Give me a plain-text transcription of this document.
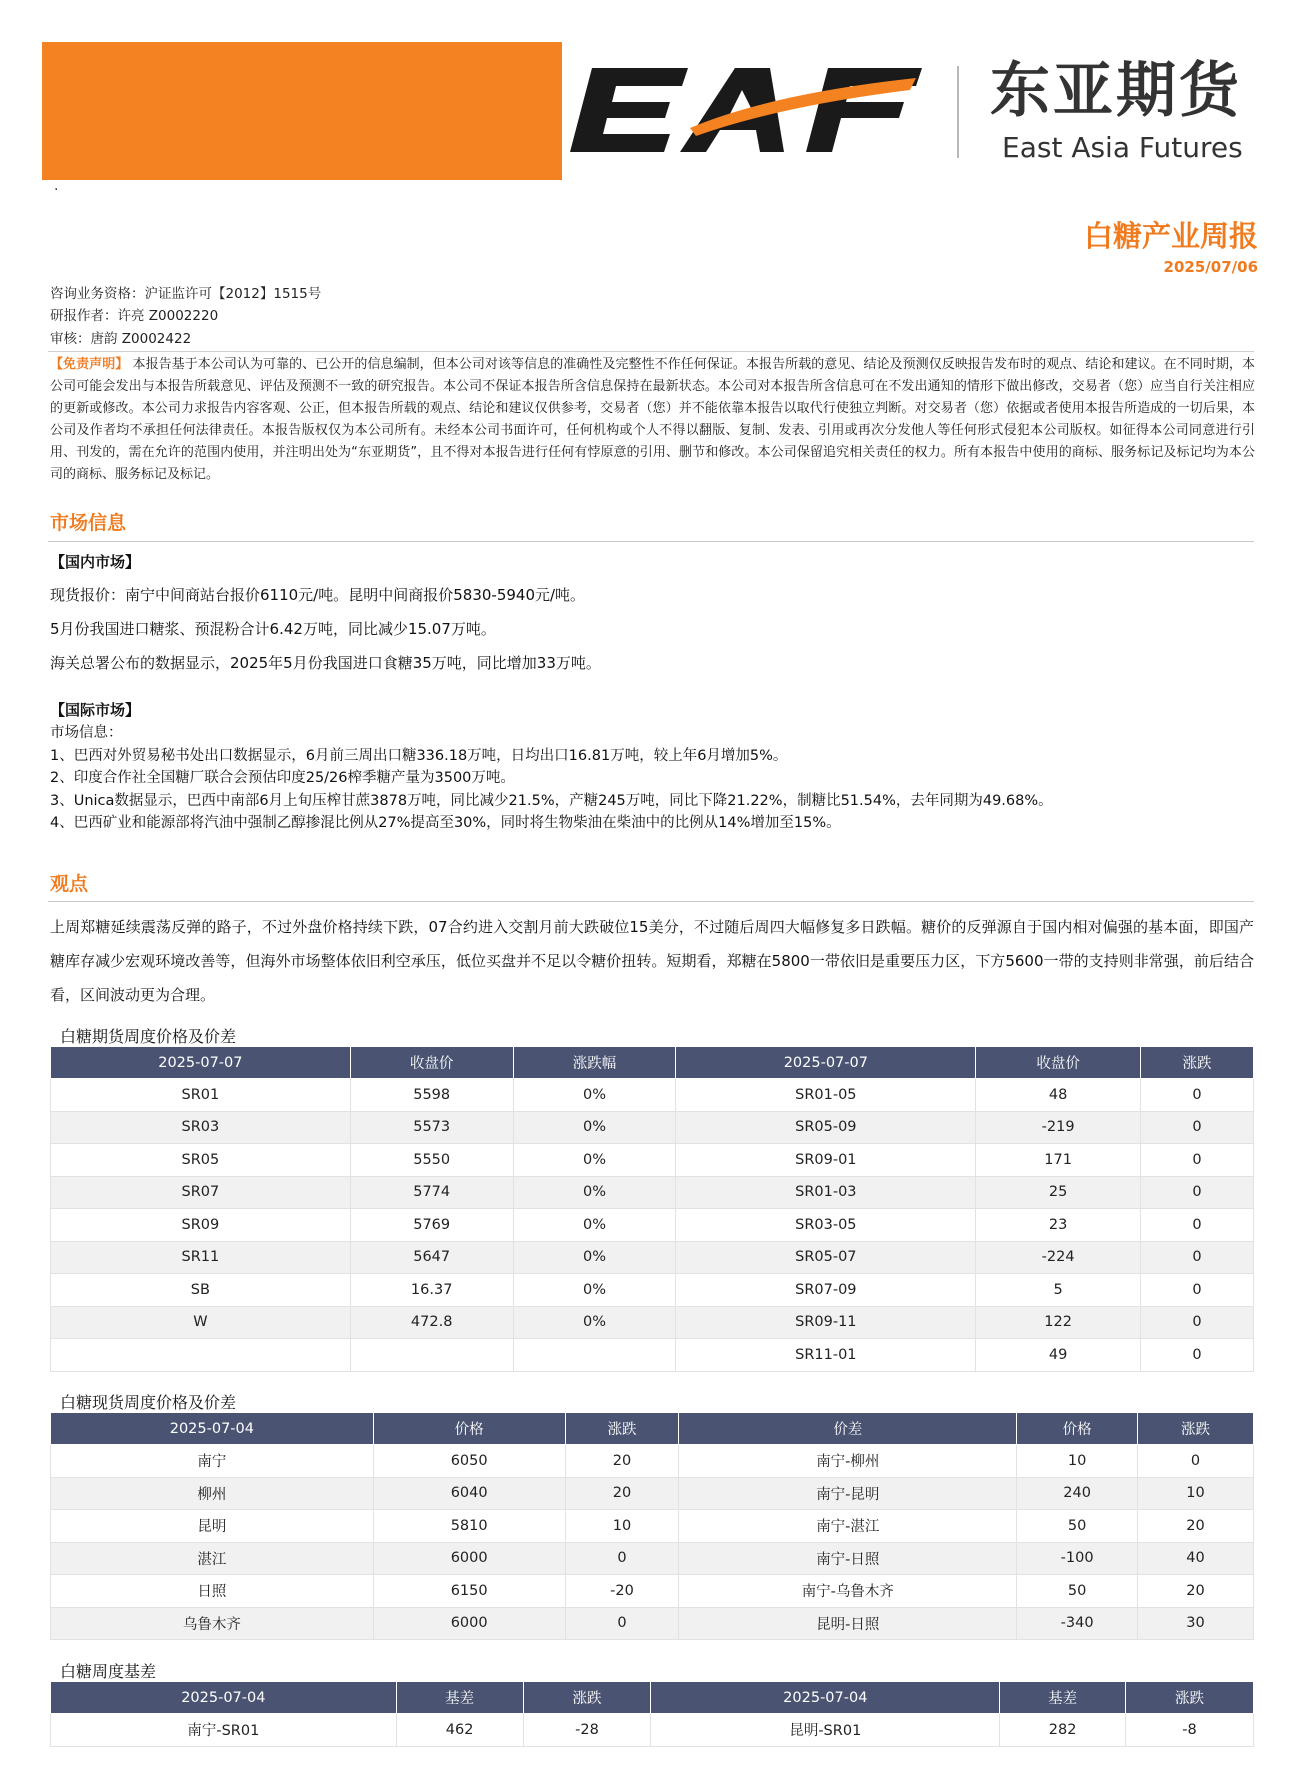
东亚期货
East Asia Futures
·
白糖产业周报
2025/07/06
咨询业务资格：沪证监许可【2012】1515号
研报作者：许亮 Z0002220
审核：唐韵 Z0002422
【免责声明】 本报告基于本公司认为可靠的、已公开的信息编制，但本公司对该等信息的准确性及完整性不作任何保证。本报告所载的意见、结论及预测仅反映报告发布时的观点、结论和建议。在不同时期，本公司可能会发出与本报告所载意见、评估及预测不一致的研究报告。本公司不保证本报告所含信息保持在最新状态。本公司对本报告所含信息可在不发出通知的情形下做出修改，交易者（您）应当自行关注相应的更新或修改。本公司力求报告内容客观、公正，但本报告所载的观点、结论和建议仅供参考，交易者（您）并不能依靠本报告以取代行使独立判断。对交易者（您）依据或者使用本报告所造成的一切后果，本公司及作者均不承担任何法律责任。本报告版权仅为本公司所有。未经本公司书面许可，任何机构或个人不得以翻版、复制、发表、引用或再次分发他人等任何形式侵犯本公司版权。如征得本公司同意进行引用、刊发的，需在允许的范围内使用，并注明出处为“东亚期货”，且不得对本报告进行任何有悖原意的引用、删节和修改。本公司保留追究相关责任的权力。所有本报告中使用的商标、服务标记及标记均为本公司的商标、服务标记及标记。
市场信息
【国内市场】
现货报价：南宁中间商站台报价6110元/吨。昆明中间商报价5830-5940元/吨。
5月份我国进口糖浆、预混粉合计6.42万吨，同比减少15.07万吨。
海关总署公布的数据显示，2025年5月份我国进口食糖35万吨，同比增加33万吨。
【国际市场】
市场信息：
1、巴西对外贸易秘书处出口数据显示，6月前三周出口糖336.18万吨，日均出口16.81万吨，较上年6月增加5%。
2、印度合作社全国糖厂联合会预估印度25/26榨季糖产量为3500万吨。
3、Unica数据显示，巴西中南部6月上旬压榨甘蔗3878万吨，同比减少21.5%，产糖245万吨，同比下降21.22%，制糖比51.54%，去年同期为49.68%。
4、巴西矿业和能源部将汽油中强制乙醇掺混比例从27%提高至30%，同时将生物柴油在柴油中的比例从14%增加至15%。
观点
上周郑糖延续震荡反弹的路子，不过外盘价格持续下跌，07合约进入交割月前大跌破位15美分，不过随后周四大幅修复多日跌幅。糖价的反弹源自于国内相对偏强的基本面，即国产糖库存减少宏观环境改善等，但海外市场整体依旧利空承压，低位买盘并不足以令糖价扭转。短期看，郑糖在5800一带依旧是重要压力区，下方5600一带的支持则非常强，前后结合看，区间波动更为合理。
白糖期货周度价格及价差
2025-07-07	收盘价	涨跌幅	2025-07-07	收盘价	涨跌
SR01	5598	0%	SR01-05	48	0
SR03	5573	0%	SR05-09	-219	0
SR05	5550	0%	SR09-01	171	0
SR07	5774	0%	SR01-03	25	0
SR09	5769	0%	SR03-05	23	0
SR11	5647	0%	SR05-07	-224	0
SB	16.37	0%	SR07-09	5	0
W	472.8	0%	SR09-11	122	0
			SR11-01	49	0
白糖现货周度价格及价差
2025-07-04	价格	涨跌	价差	价格	涨跌
南宁	6050	20	南宁-柳州	10	0
柳州	6040	20	南宁-昆明	240	10
昆明	5810	10	南宁-湛江	50	20
湛江	6000	0	南宁-日照	-100	40
日照	6150	-20	南宁-乌鲁木齐	50	20
乌鲁木齐	6000	0	昆明-日照	-340	30
白糖周度基差
2025-07-04	基差	涨跌	2025-07-04	基差	涨跌
南宁-SR01	462	-28	昆明-SR01	282	-8
